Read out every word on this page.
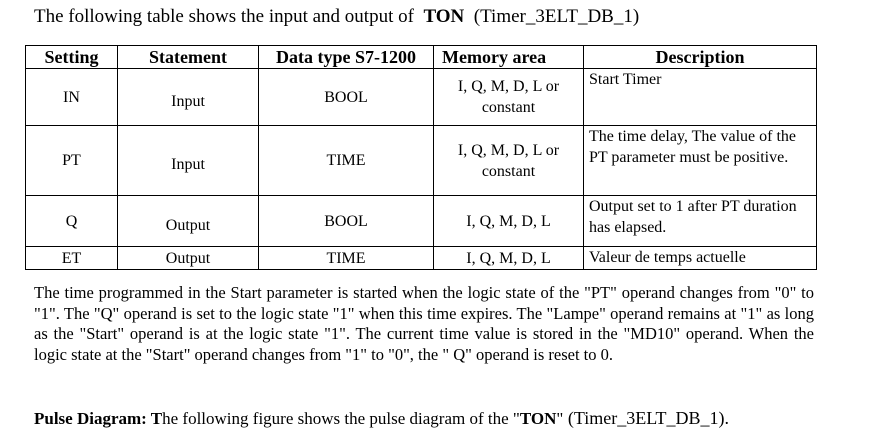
The following table shows the input and output of TON (Timer_3ELT_DB_1)
Setting	Statement	Data type S7-1200	Memory area	Description
IN	Input	BOOL	I, Q, M, D, L or constant	Start Timer
PT	Input	TIME	I, Q, M, D, L or constant	The time delay, The value of the PT parameter must be positive.
Q	Output	BOOL	I, Q, M, D, L	Output set to 1 after PT duration has elapsed.
ET	Output	TIME	I, Q, M, D, L	Valeur de temps actuelle
The time programmed in the Start parameter is started when the logic state of the "PT" operand changes from "0" to "1". The "Q" operand is set to the logic state "1" when this time expires. The "Lampe" operand remains at "1" as long as the "Start" operand is at the logic state "1". The current time value is stored in the "MD10" operand. When the logic state at the "Start" operand changes from "1" to "0", the " Q" operand is reset to 0.
Pulse Diagram: The following figure shows the pulse diagram of the "TON" (Timer_3ELT_DB_1).
